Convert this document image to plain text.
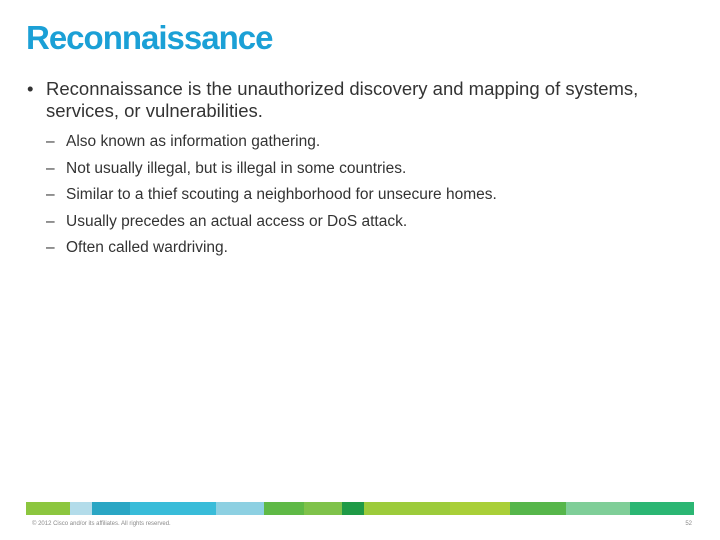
Reconnaissance

• Reconnaissance is the unauthorized discovery and mapping of systems, services, or vulnerabilities.

– Also known as information gathering.
– Not usually illegal, but is illegal in some countries.
– Similar to a thief scouting a neighborhood for unsecure homes.
– Usually precedes an actual access or DoS attack.
– Often called wardriving.
© 2012 Cisco and/or its affiliates. All rights reserved.	52
